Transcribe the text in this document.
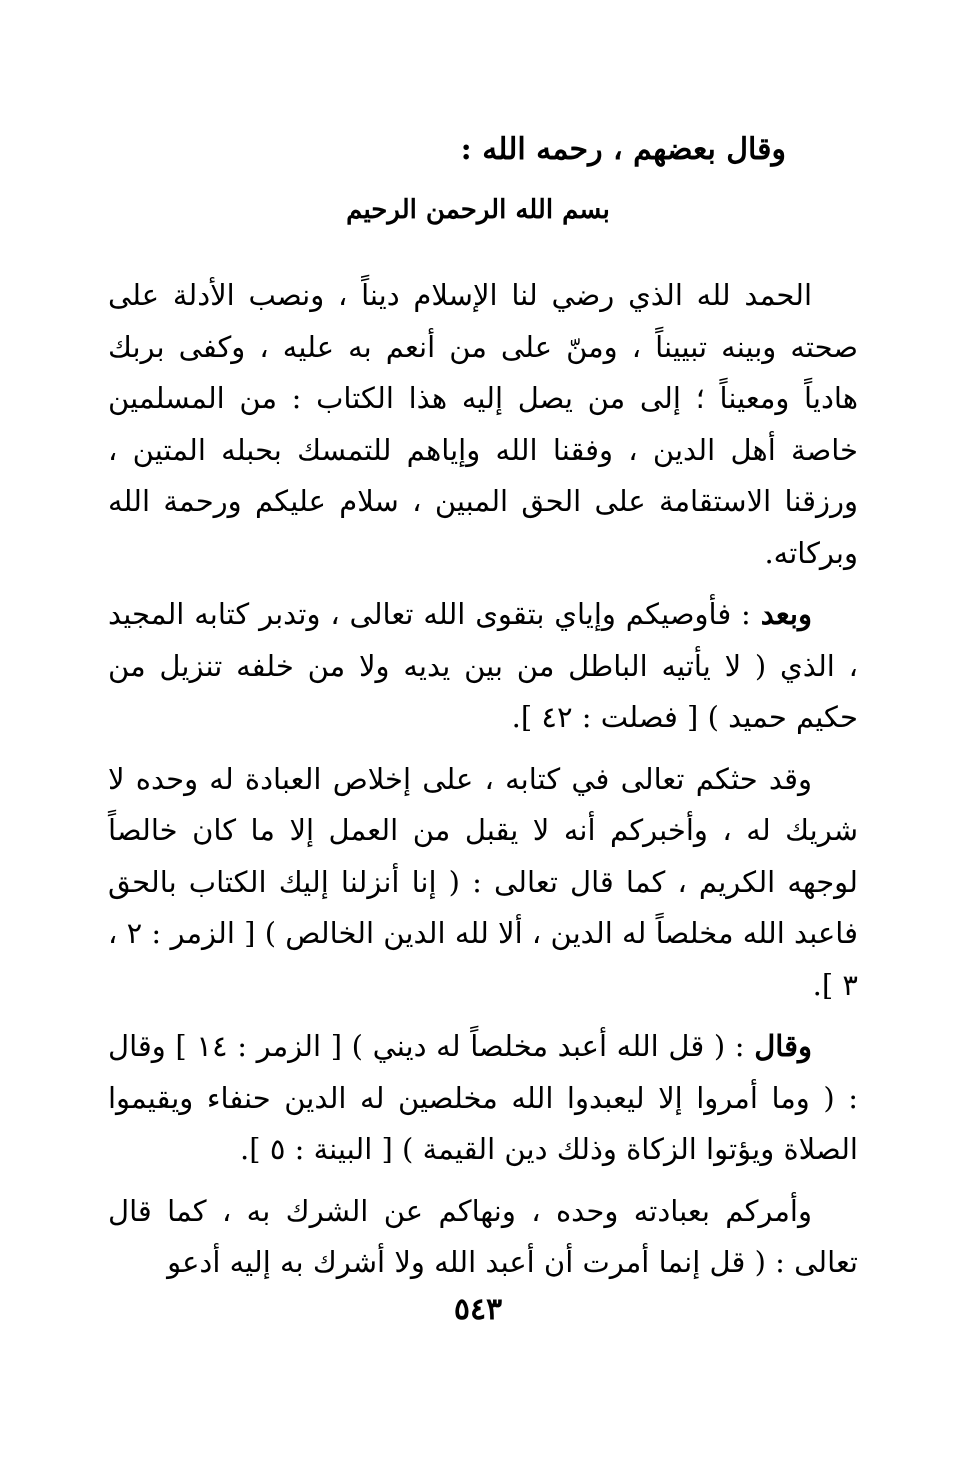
وقال بعضهم ، رحمه الله :
بسم الله الرحمن الرحيم

الحمد لله الذي رضي لنا الإسلام ديناً ، ونصب الأدلة على صحته وبينه تبييناً ، ومنّ على من أنعم به عليه ، وكفى بربك هادياً ومعيناً ؛ إلى من يصل إليه هذا الكتاب : من المسلمين خاصة أهل الدين ، وفقنا الله وإياهم للتمسك بحبله المتين ، ورزقنا الاستقامة على الحق المبين ، سلام عليكم ورحمة الله وبركاته.

وبعد : فأوصيكم وإياي بتقوى الله تعالى ، وتدبر كتابه المجيد ، الذي ( لا يأتيه الباطل من بين يديه ولا من خلفه تنزيل من حكيم حميد ) [ فصلت : ٤٢ ].

وقد حثكم تعالى في كتابه ، على إخلاص العبادة له وحده لا شريك له ، وأخبركم أنه لا يقبل من العمل إلا ما كان خالصاً لوجهه الكريم ، كما قال تعالى : ( إنا أنزلنا إليك الكتاب بالحق فاعبد الله مخلصاً له الدين ، ألا لله الدين الخالص ) [ الزمر : ٢ ، ٣ ].

وقال : ( قل الله أعبد مخلصاً له ديني ) [ الزمر : ١٤ ] وقال : ( وما أمروا إلا ليعبدوا الله مخلصين له الدين حنفاء ويقيموا الصلاة ويؤتوا الزكاة وذلك دين القيمة ) [ البينة : ٥ ].

وأمركم بعبادته وحده ، ونهاكم عن الشرك به ، كما قال تعالى : ( قل إنما أمرت أن أعبد الله ولا أشرك به إليه أدعو

٥٤٣
